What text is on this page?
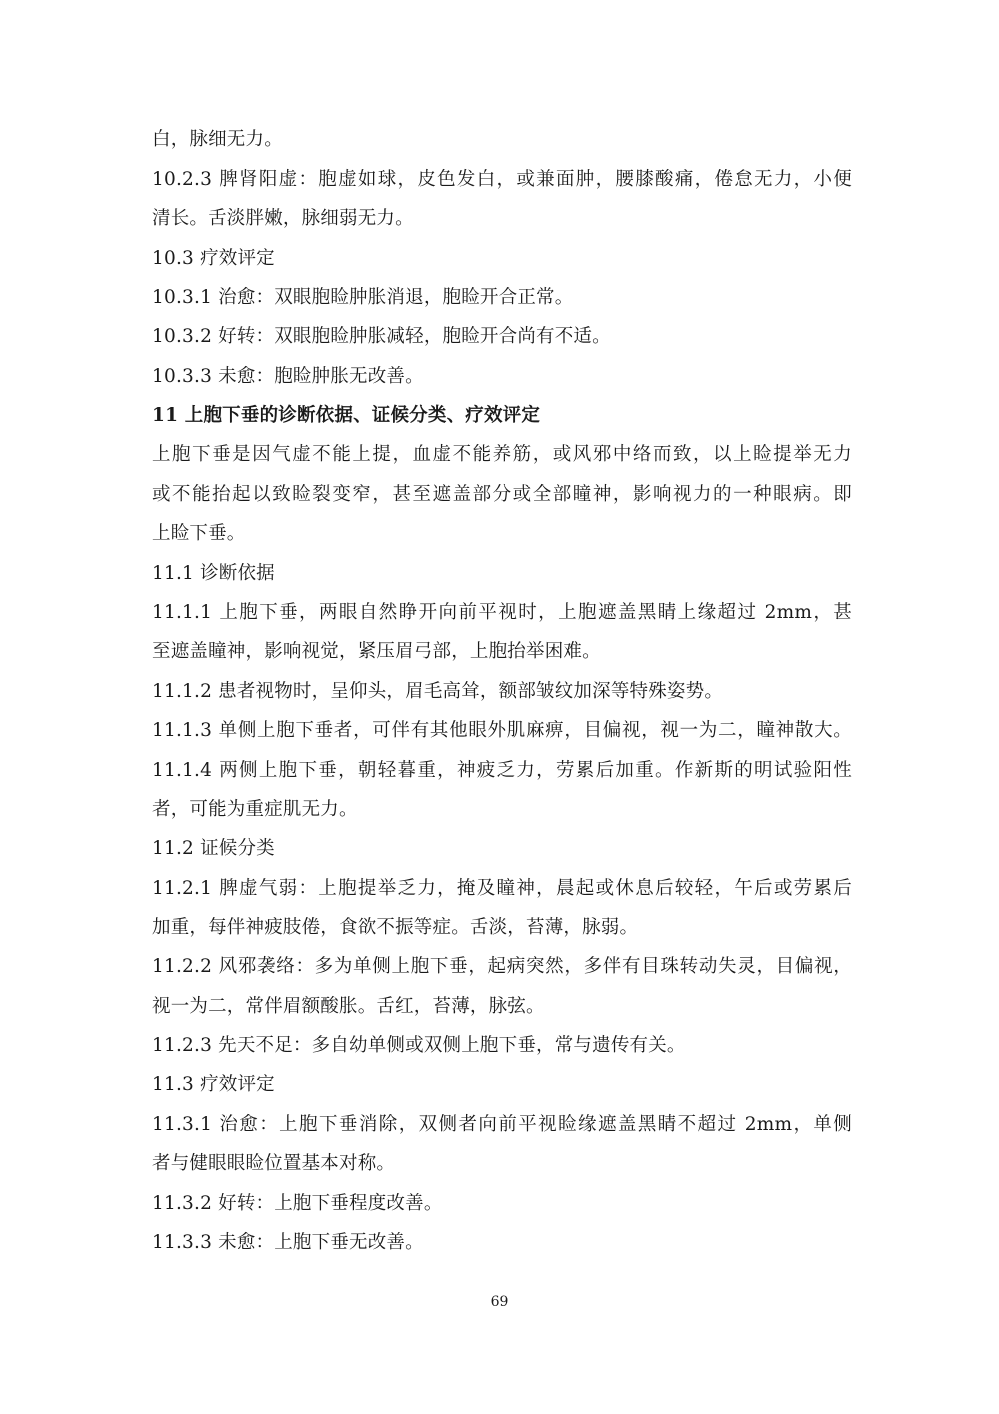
白，脉细无力。
10.2.3 脾肾阳虚：胞虚如球，皮色发白，或兼面肿，腰膝酸痛，倦怠无力，小便
清长。舌淡胖嫩，脉细弱无力。
10.3 疗效评定
10.3.1 治愈：双眼胞睑肿胀消退，胞睑开合正常。
10.3.2 好转：双眼胞睑肿胀减轻，胞睑开合尚有不适。
10.3.3 未愈：胞睑肿胀无改善。
11 上胞下垂的诊断依据、证候分类、疗效评定
上胞下垂是因气虚不能上提，血虚不能养筋，或风邪中络而致，以上睑提举无力
或不能抬起以致睑裂变窄，甚至遮盖部分或全部瞳神，影响视力的一种眼病。即
上睑下垂。
11.1 诊断依据
11.1.1 上胞下垂，两眼自然睁开向前平视时，上胞遮盖黑睛上缘超过 2mm，甚
至遮盖瞳神，影响视觉，紧压眉弓部，上胞抬举困难。
11.1.2 患者视物时，呈仰头，眉毛高耸，额部皱纹加深等特殊姿势。
11.1.3 单侧上胞下垂者，可伴有其他眼外肌麻痹，目偏视，视一为二，瞳神散大。
11.1.4 两侧上胞下垂，朝轻暮重，神疲乏力，劳累后加重。作新斯的明试验阳性
者，可能为重症肌无力。
11.2 证候分类
11.2.1 脾虚气弱：上胞提举乏力，掩及瞳神，晨起或休息后较轻，午后或劳累后
加重，每伴神疲肢倦，食欲不振等症。舌淡，苔薄，脉弱。
11.2.2 风邪袭络：多为单侧上胞下垂，起病突然，多伴有目珠转动失灵，目偏视，
视一为二，常伴眉额酸胀。舌红，苔薄，脉弦。
11.2.3 先天不足：多自幼单侧或双侧上胞下垂，常与遗传有关。
11.3 疗效评定
11.3.1 治愈：上胞下垂消除，双侧者向前平视睑缘遮盖黑睛不超过 2mm，单侧
者与健眼眼睑位置基本对称。
11.3.2 好转：上胞下垂程度改善。
11.3.3 未愈：上胞下垂无改善。
69
